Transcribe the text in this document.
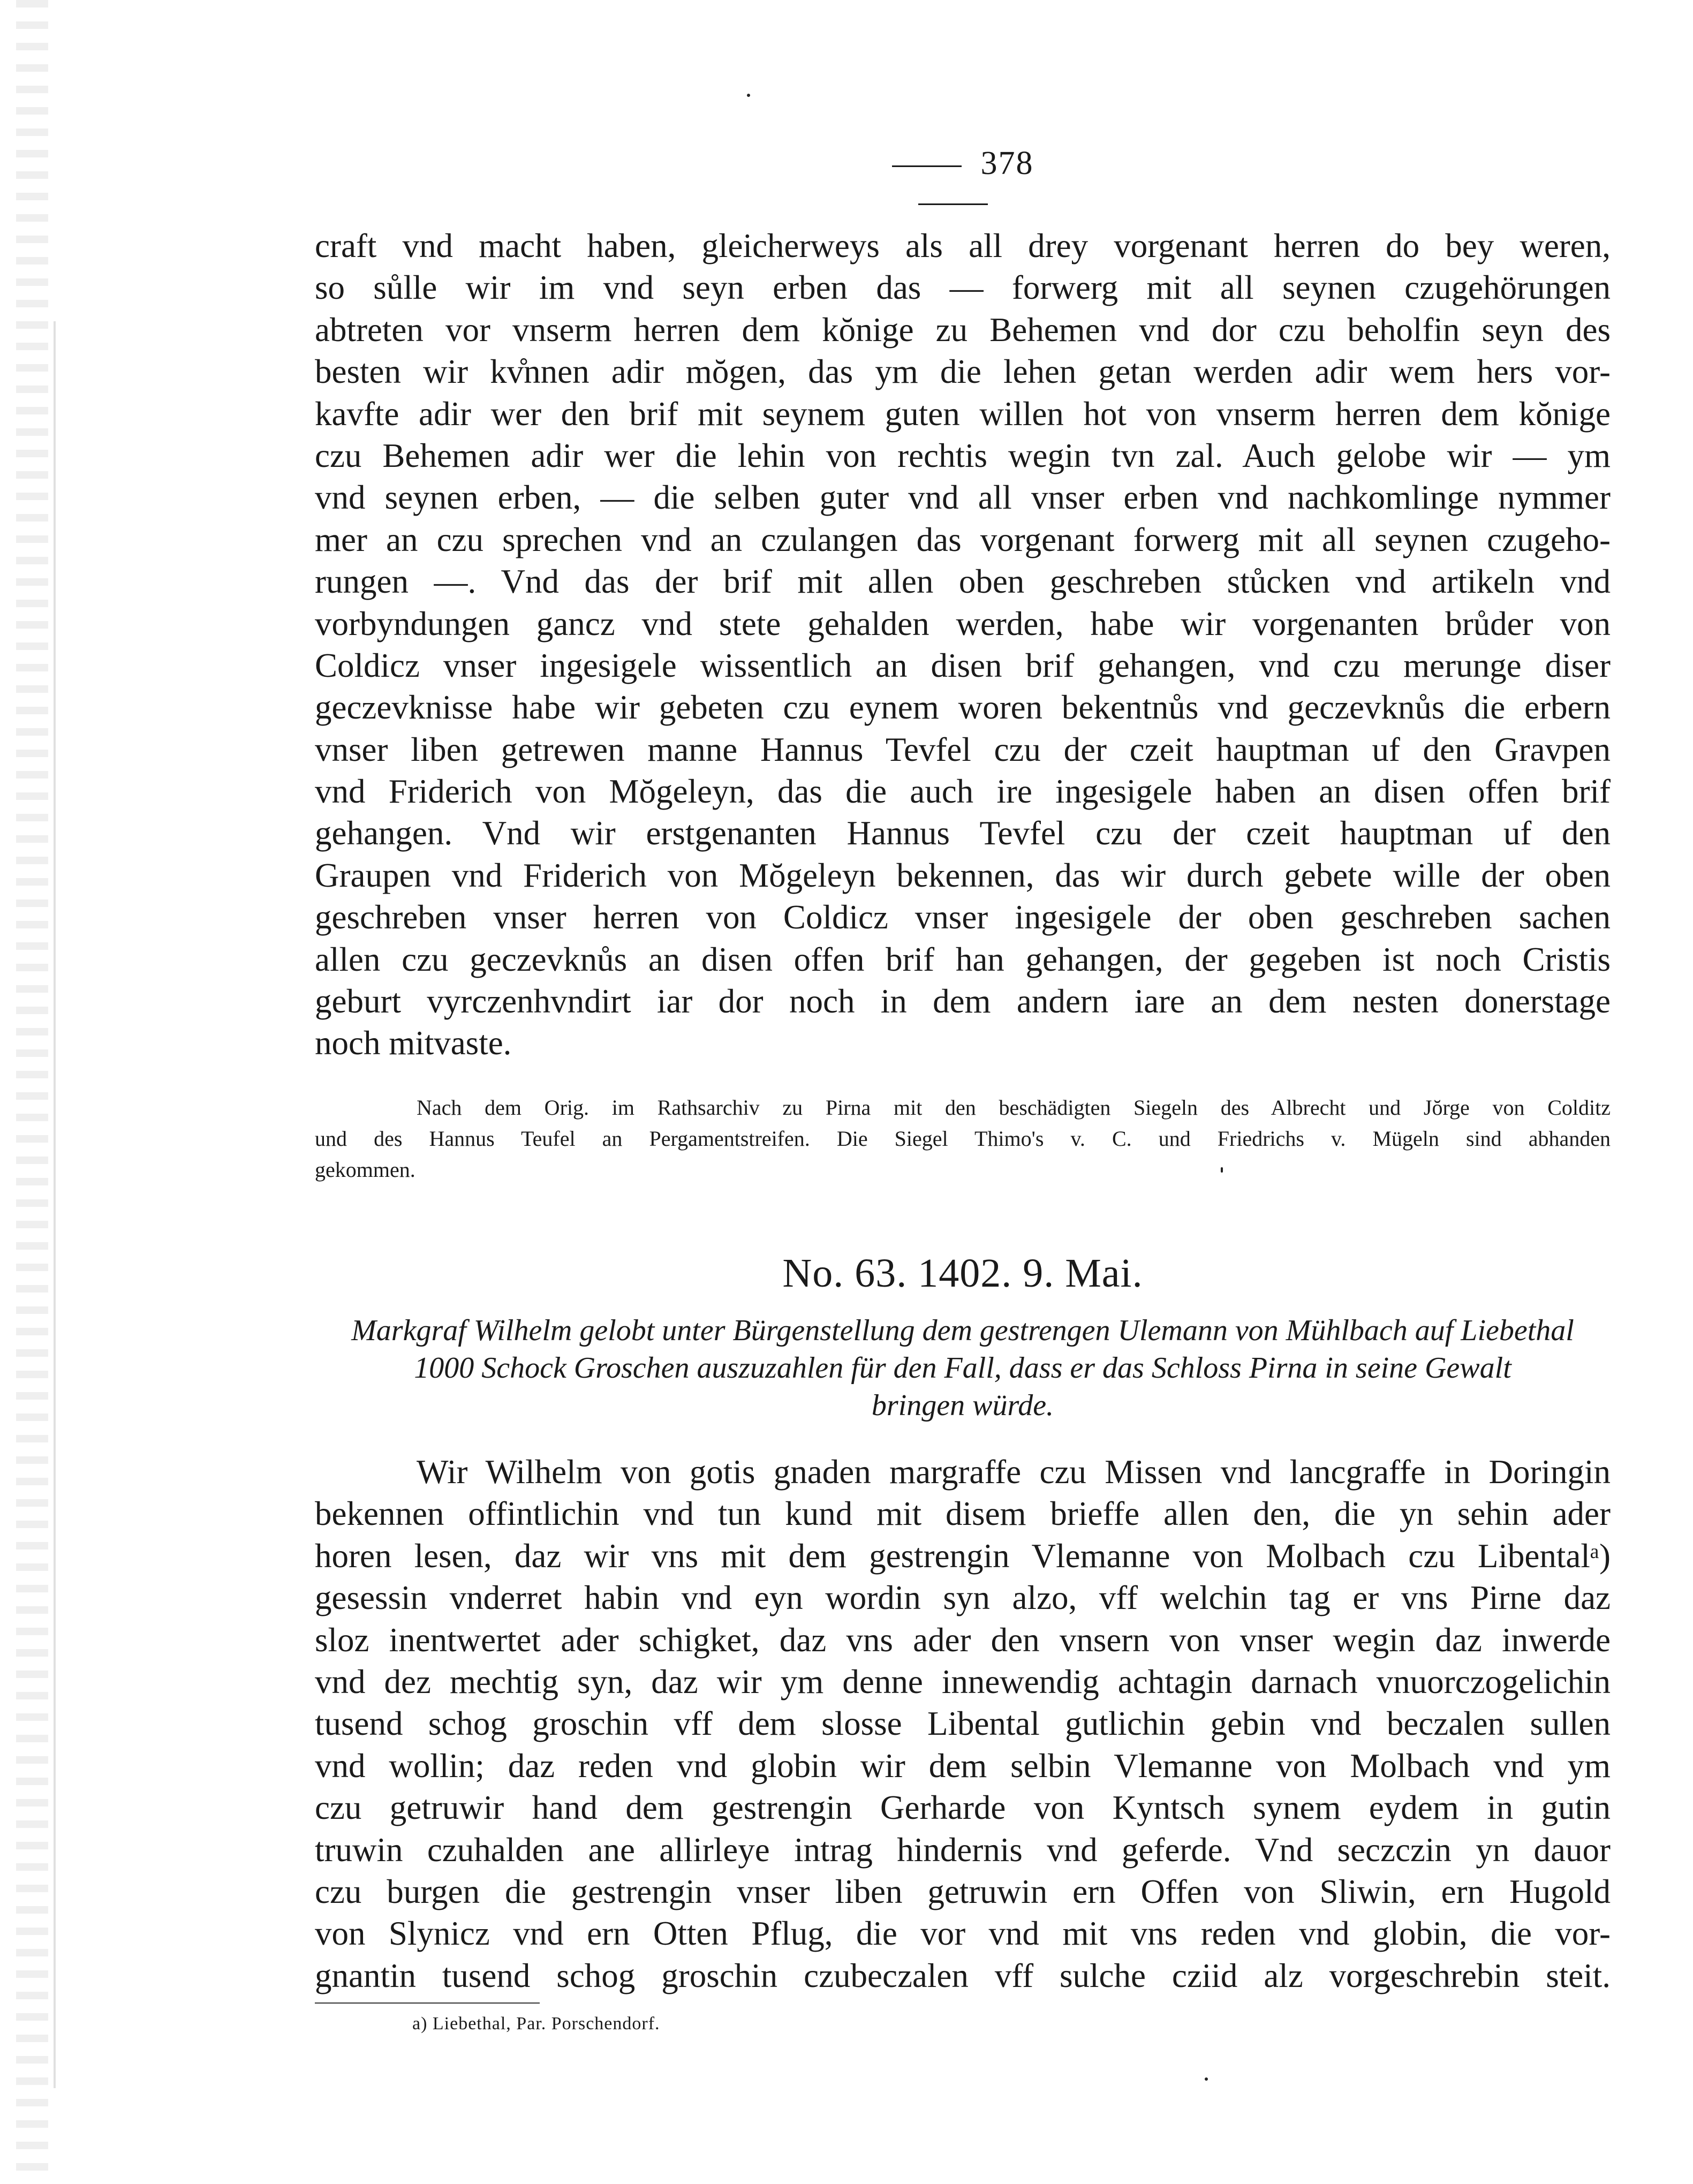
378
craft vnd macht haben, gleicherweys als all drey vorgenant herren do bey weren,
so sůlle wir im vnd seyn erben das — forwerg mit all seynen czugehörungen
abtreten vor vnserm herren dem kŏnige zu Behemen vnd dor czu beholfin seyn des
besten wir kv̊nnen adir mŏgen, das ym die lehen getan werden adir wem hers vor-
kavfte adir wer den brif mit seynem guten willen hot von vnserm herren dem kŏnige
czu Behemen adir wer die lehin von rechtis wegin tvn zal. Auch gelobe wir — ym
vnd seynen erben, — die selben guter vnd all vnser erben vnd nachkomlinge nymmer
mer an czu sprechen vnd an czulangen das vorgenant forwerg mit all seynen czugeho-
rungen —. Vnd das der brif mit allen oben geschreben stůcken vnd artikeln vnd
vorbyndungen gancz vnd stete gehalden werden, habe wir vorgenanten brůder von
Coldicz vnser ingesigele wissentlich an disen brif gehangen, vnd czu merunge diser
geczevknisse habe wir gebeten czu eynem woren bekentnůs vnd geczevknůs die erbern
vnser liben getrewen manne Hannus Tevfel czu der czeit hauptman uf den Gravpen
vnd Friderich von Mŏgeleyn, das die auch ire ingesigele haben an disen offen brif
gehangen. Vnd wir erstgenanten Hannus Tevfel czu der czeit hauptman uf den
Graupen vnd Friderich von Mŏgeleyn bekennen, das wir durch gebete wille der oben
geschreben vnser herren von Coldicz vnser ingesigele der oben geschreben sachen
allen czu geczevknůs an disen offen brif han gehangen, der gegeben ist noch Cristis
geburt vyrczenhvndirt iar dor noch in dem andern iare an dem nesten donerstage
noch mitvaste.
Nach dem Orig. im Rathsarchiv zu Pirna mit den beschädigten Siegeln des Albrecht und Jŏrge von Colditz
und des Hannus Teufel an Pergamentstreifen. Die Siegel Thimo's v. C. und Friedrichs v. Mügeln sind abhanden
gekommen.
No. 63. 1402. 9. Mai.
Markgraf Wilhelm gelobt unter Bürgenstellung dem gestrengen Ulemann von Mühlbach auf Liebethal
1000 Schock Groschen auszuzahlen für den Fall, dass er das Schloss Pirna in seine Gewalt
bringen würde.
Wir Wilhelm von gotis gnaden margraffe czu Missen vnd lancgraffe in Doringin
bekennen offintlichin vnd tun kund mit disem brieffe allen den, die yn sehin ader
horen lesen, daz wir vns mit dem gestrengin Vlemanne von Molbach czu Libentalᵃ)
gesessin vnderret habin vnd eyn wordin syn alzo, vff welchin tag er vns Pirne daz
sloz inentwertet ader schigket, daz vns ader den vnsern von vnser wegin daz inwerde
vnd dez mechtig syn, daz wir ym denne innewendig achtagin darnach vnuorczogelichin
tusend schog groschin vff dem slosse Libental gutlichin gebin vnd beczalen sullen
vnd wollin; daz reden vnd globin wir dem selbin Vlemanne von Molbach vnd ym
czu getruwir hand dem gestrengin Gerharde von Kyntsch synem eydem in gutin
truwin czuhalden ane allirleye intrag hindernis vnd geferde. Vnd seczczin yn dauor
czu burgen die gestrengin vnser liben getruwin ern Offen von Sliwin, ern Hugold
von Slynicz vnd ern Otten Pflug, die vor vnd mit vns reden vnd globin, die vor-
gnantin tusend schog groschin czubeczalen vff sulche cziid alz vorgeschrebin steit.
a) Liebethal, Par. Porschendorf.
